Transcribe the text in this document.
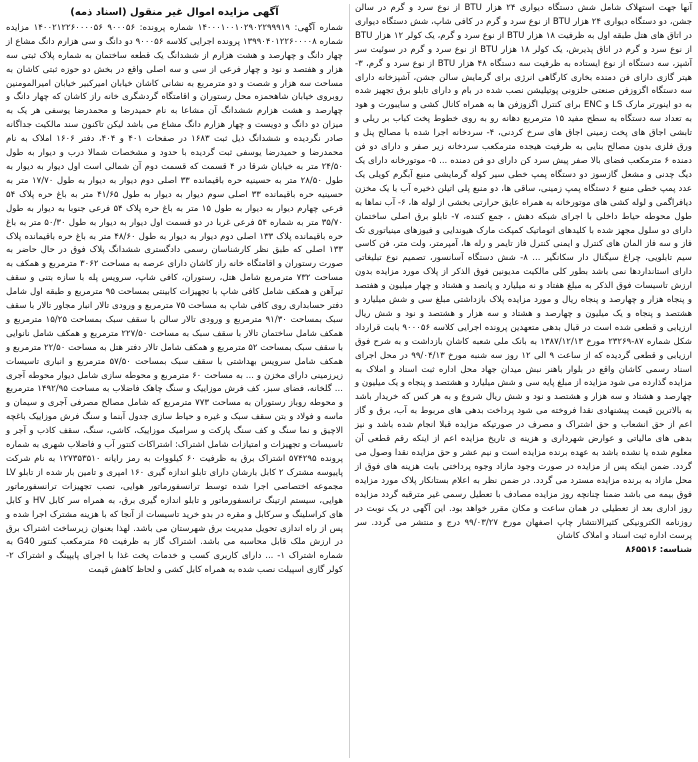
آنها جهت استهلاک شامل شش دستگاه دیواری ۲۴ هزار BTU از نوع سرد و گرم در سالن جشن، دو دستگاه دیواری ۲۴ هزار BTU از نوع سرد و گرم در کافی شاپ، شش دستگاه دیواری در اتاق های هتل طبقه اول به ظرفیت ۱۸ هزار BTU از نوع سرد و گرم، یک کولر ۱۲ هزار BTU از نوع سرد و گرم در اتاق پذیرش، یک کولر ۱۸ هزار BTU از نوع سرد و گرم در سوئیت سر آشپز، سه دستگاه از نوع ایستاده به ظرفیت سه دستگاه ۴۸ هزار BTU از نوع سرد و گرم، ۳- هیتر گازی دارای فن دمنده بخاری کارگاهی انرژی برای گرمایش سالن جشن، آشپزخانه دارای سه دستگاه اگزوزفن صنعتی حلزونی پوتیلیشن نصب شده در بام و دارای تابلو برق تجهیز شده به دو اینورتر مارک LS و ENC برای کنترل اگزوزفن ها به همراه کانال کشی و سایبورت و هود به تعداد سه دستگاه به سطح مفید ۱۵ مترمربع دهانه رو به روی خطوط پخت کباب بر ریلی و تابشی اجاق های پخت زمینی اجاق های سرخ کردنی، ۴- سردخانه اجرا شده با مصالح پنل و ورق فلزی بدون مصالح بنایی به ظرفیت هیجده مترمکعب سردخانه زیر صفر و دارای دو فن دمنده ۶ مترمکعب فضای بالا صفر پیش سرد کن دارای دو فن دمنده ... ۵- موتورخانه دارای یک دیگ چدنی و مشعل گازسوز دو دستگاه پمپ خطی سیر کوله گرمایشی منبع آبگرم کویلی یک عدد پمپ خطی منبع ۶ دستگاه پمپ زمینی، ساقی ها، دو منبع پلی اتیلن ذخیره آب با یک مخزن دیافراگمی و لوله کشی های موتورخانه به همراه عایق حرارتی بخشی از لوله ها، ۶- آب نماها به طول محوطه حیاط داخلی با اجرای شبکه دهش ، جمع کننده، ۷- تابلو برق اصلی ساختمان دارای دو سلول مجهز شده با کلیدهای اتوماتیک کمپکت مارک هیوندایی و فیوزهای مینیاتوری تک فاز و سه فاز المان های کنترل و ایمنی کنترل فاز تایمر و رله ها، آمپرمتر، ولت متر، فن کاسی سیم تابلویی، چراغ سیگنال دار سکانگیر ... ۸- شش دستگاه آسانسور، تصمیم نوع تبلیغاتی دارای استانداردها نمی باشد بطور کلی مالکیت مدیونین فوق الذکر از پلاک مورد مزایده بدون ارزش تاسیسات فوق الذکر به مبلغ هفتاد و نه میلیارد و پانصد و هشتاد و چهار میلیون و هفتصد و پنجاه هزار و چهارصد و پنجاه ریال و مورد مزایده پلاک بازداشتی مبلغ سی و شش میلیارد و هشتصد و پنجاه و یک میلیون و چهارصد و هشتاد و سه هزار و هشتصد و نود و شش ریال ارزیابی و قطعی شده است در قبال بدهی متعهدین پرونده اجرایی کلاسه ۹۰۰۰۵۶ بابت قرارداد شکل شماره ۸۷-۲۳۲۶۹ مورخ ۱۳۸۷/۱۲/۱۳ به بانک ملی شعبه کاشان بازداشت و به شرح فوق ارزیابی و قطعی گردیده که از ساعت ۹ الی ۱۲ روز سه شنبه مورخ ۹۹/۰۴/۱۳ در محل اجرای اسناد رسمی کاشان واقع در بلوار باهنر نبش میدان جهاد محل اداره ثبت اسناد و املاک به مزایده گذارده می شود مزایده از مبلغ پایه سی و شش میلیارد و هشتصد و پنجاه و یک میلیون و چهارصد و هشتاد و سه هزار و هشتصد و نود و شش ریال شروع و به هر کس که خریدار باشد به بالاترین قیمت پیشنهادی نقدا فروخته می شود پرداخت بدهی های مربوط به آب، برق و گاز اعم از حق انشعاب و حق اشتراک و مصرف در صورتیکه مزایده قبلا انجام شده باشد و نیز بدهی های مالیاتی و عوارض شهرداری و هزینه ی تاریخ مزایده اعم از اینکه رقم قطعی آن معلوم شده یا نشده باشد به عهده برنده مزایده است و نیم عشر و حق مزایده نقدا وصول می گردد. ضمن اینکه پس از مزایده در صورت وجود مازاد وجوه پرداختی بابت هزینه های فوق از محل مازاد به برنده مزایده مسترد می گردد. در ضمن نظر به اعلام بستانکار پلاک مورد مزایده فوق بیمه می باشد ضمنا چنانچه روز مزایده مصادف با تعطیل رسمی غیر مترقبه گردد مزایده روز اداری بعد از تعطیلی در همان ساعت و مکان مقرر خواهد بود. این آگهی در یک نوبت در روزنامه الکترونیکی کثیرالانتشار چاپ اصفهان مورخ ۹۹/۰۳/۲۷ درج و منتشر می گردد. سر پرست اداره ثبت اسناد و املاک کاشان
شناسه: ۸۶۵۵۱۶
آگهی مزایده اموال غیر منقول (اسناد ذمه)
شماره آگهی: ۱۴۰۰۰۱۰۰۱۰۲۹۰۲۲۹۹۹۱۹ شماره پرونده: ۹۰۰۰۵۶ ۱۴۰۰۲۱۲۲۶۰۰۰۰۵۶ مزایده شماره ۱۳۹۹۰۴۰۱۲۲۶۰۰۰۰۸ پرونده اجرایی کلاسه ۹۰۰۰۵۶ دو دانگ و سی هزارم دانگ مشاع از چهار دانگ و چهارصد و هشت هزارم از ششدانگ یک قطعه ساختمان به شماره پلاک ثبتی سه هزار و هفتصد و نود و چهار فرعی از سی و سه اصلی واقع در بخش دو حوزه ثبتی کاشان به مساحت سه هزار و شصت و دو مترمربع به نشانی کاشان خیابان امیرکبیر خیابان امیرالمومنین روبروی خیابان شاهحمزه محل رستوران و اقامتگاه گردشگری خانه راز کاشان که چهار دانگ و چهارصد و هشت هزارم ششدانگ آن مشاعا به نام حمیدرضا و محمدرضا یوسفی هر یک به میزان دو دانگ و دویست و چهار هزارم دانگ مشاع می باشد لیکن تاکنون سند مالکیت جداگانه صادر نگردیده و ششدانگ ذیل ثبت ۱۶۸۳ در صفحات ۴۰۱ و ۴۰۴، دفتر ۱۶۰۶ املاک به نام محمدرضا و حمیدرضا یوسفی ثبت گردیده با حدود و مشخصات شمالا درب و دیوار به طول ۲۴/۵۰ متر به خیابان شرقا در ۴ قسمت که قسمت دوم آن شمالی است اول دیوار به دیوار به طول ۲۸/۵۰ متر به حسینیه حره باقیمانده ۳۳ اصلی دوم دیوار به دیوار به طول ۱۷/۷۰ متر به حسینیه حره باقیمانده ۳۳ اصلی سوم دیوار به دیوار به طول ۴۱/۶۵ متر به باغ حره پلاک ۵۴ فرعی چهارم دیوار به دیوار به طول ۱۵ متر به باغ حره پلاک ۵۴ فرعی جنوبا به دیوار به طول ۳۵/۷۰ متر به شماره ۵۴ فرعی غربا در دو قسمت اول دیوار به دیوار به طول ۵۰/۳۰ متر به باغ حره باقیمانده پلاک ۱۳۳ اصلی دوم دیوار به دیوار به طول ۴۸/۶۰ متر به باغ حره باقیمانده پلاک ۱۳۳ اصلی که طبق نظر کارشناسان رسمی دادگستری ششدانگ پلاک فوق در حال حاضر به صورت رستوران و اقامتگاه خانه راز کاشان دارای عرصه به مساحت ۳۰۶۲ مترمربع و همکف به مساحت ۷۳۲ مترمربع شامل هتل، رستوران، کافی شاپ، سرویس پله با سازه بتنی و سقف تیرآهن و همکف شامل کافی شاپ با تجهیزات کابینتی بمساحت ۹۵ مترمربع و طبقه اول شامل دفتر حسابداری روی کافی شاپ به مساحت ۷۵ مترمربع و ورودی تالار انبار مجاور تالار با سقف سبک بمساحت ۹۱/۳۰ مترمربع و ورودی تالار سالن با سقف سبک بمساحت ۱۵/۲۵ مترمربع و همکف شامل ساختمان تالار با سقف سبک به مساحت ۲۲۷/۵۰ مترمربع و همکف شامل نانوایی با سقف سبک بمساحت ۵۲ مترمربع و همکف شامل تالار دفتر هتل به مساحت ۲۲/۵۰ مترمربع و همکف شامل سرویس بهداشتی با سقف سبک بمساحت ۵۷/۵۰ مترمربع و انباری تاسیسات زیرزمینی دارای مخزن و ... به مساحت ۶۰ مترمربع و محوطه سازی شامل دیوار محوطه آجری ... گلخانه، فضای سبز، کف فرش موزاییک و سنگ چاهک فاضلاب به مساحت ۱۴۹۲/۹۵ مترمربع و محوطه روباز رستوران به مساحت ۷۷۳ مترمربع که شامل مصالح مصرفی آجری و سیمان و ماسه و فولاد و بتن سقف سبک و غیره و حیاط سازی جدول آبنما و سنگ فرش موزاییک باغچه الاچیق و نما سنگ و کف سنگ پارکت و سرامیک موزاییک، کاشی، سنگ، سقف کاذب و آجر و تاسیسات و تجهیزات و امتیازات شامل اشتراک: اشتراکات کنتور آب و فاضلاب شهری به شماره پرونده ۵۷۴۲۹۵ اشتراک برق به ظرفیت ۶۰ کیلووات به رمز رایانه ۱۲۷۳۵۳۵۱۰ به نام شرکت پاییوسه مشترک ۲ کابل بارشان دارای تابلو اندازه گیری ۱۶۰ امپری و تامین بار شده از تابلو LV مجموعه اختصاصی اجرا شده توسط ترانسفورماتور هوایی، نصب تجهیزات ترانسفورماتور هوایی، سیستم ارتینگ ترانسفورماتور و تابلو اندازه گیری برق، به همراه سر کابل HV و کابل های کراسلینگ و سرکابل و مقره در بدو خرید تاسیسات از آنجا که با هزینه مشترک اجرا شده و پس از راه اندازی تحویل مدیریت برق شهرستان می باشد. لهذا بعنوان زیرساخت اشتراک برق در ارزش ملک قابل محاسبه می باشد. اشتراک گاز به ظرفیت ۶۵ مترمکعب کنتور G40 به شماره اشتراک ۱- ... دارای کاربری کسب و خدمات پخت غذا با اجرای پایپینگ و اشتراک ۲- کولر گازی اسپیلت نصب شده به همراه کابل کشی و لحاظ کاهش قیمت
